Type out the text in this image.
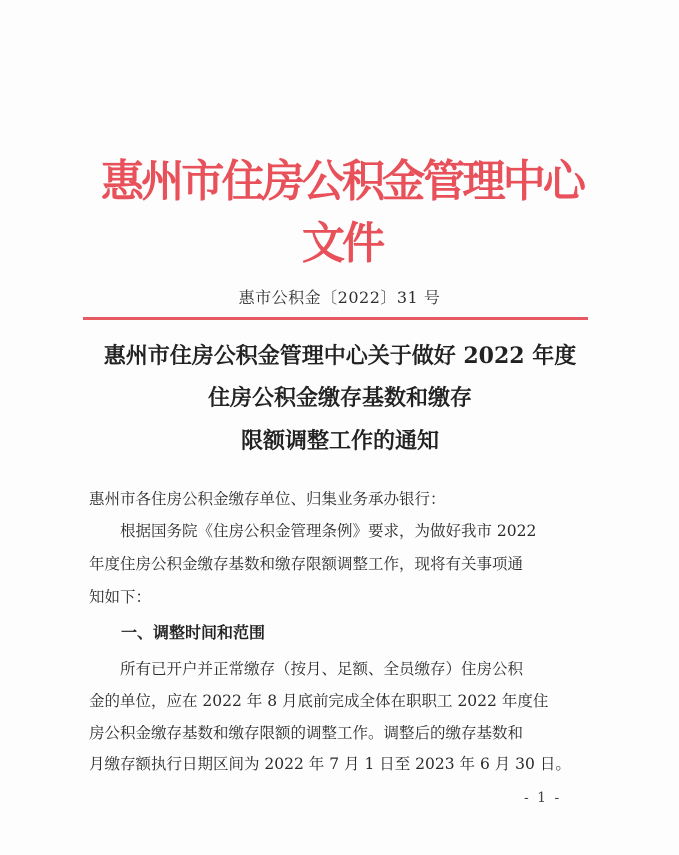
惠州市住房公积金管理中心文件
惠市公积金〔2022〕31 号
惠州市住房公积金管理中心关于做好 2022 年度
住房公积金缴存基数和缴存
限额调整工作的通知
惠州市各住房公积金缴存单位、归集业务承办银行：
根据国务院《住房公积金管理条例》要求，为做好我市 2022
年度住房公积金缴存基数和缴存限额调整工作，现将有关事项通
知如下：
一、调整时间和范围
所有已开户并正常缴存（按月、足额、全员缴存）住房公积
金的单位，应在 2022 年 8 月底前完成全体在职职工 2022 年度住
房公积金缴存基数和缴存限额的调整工作。调整后的缴存基数和
月缴存额执行日期区间为 2022 年 7 月 1 日至 2023 年 6 月 30 日。
- 1 -
